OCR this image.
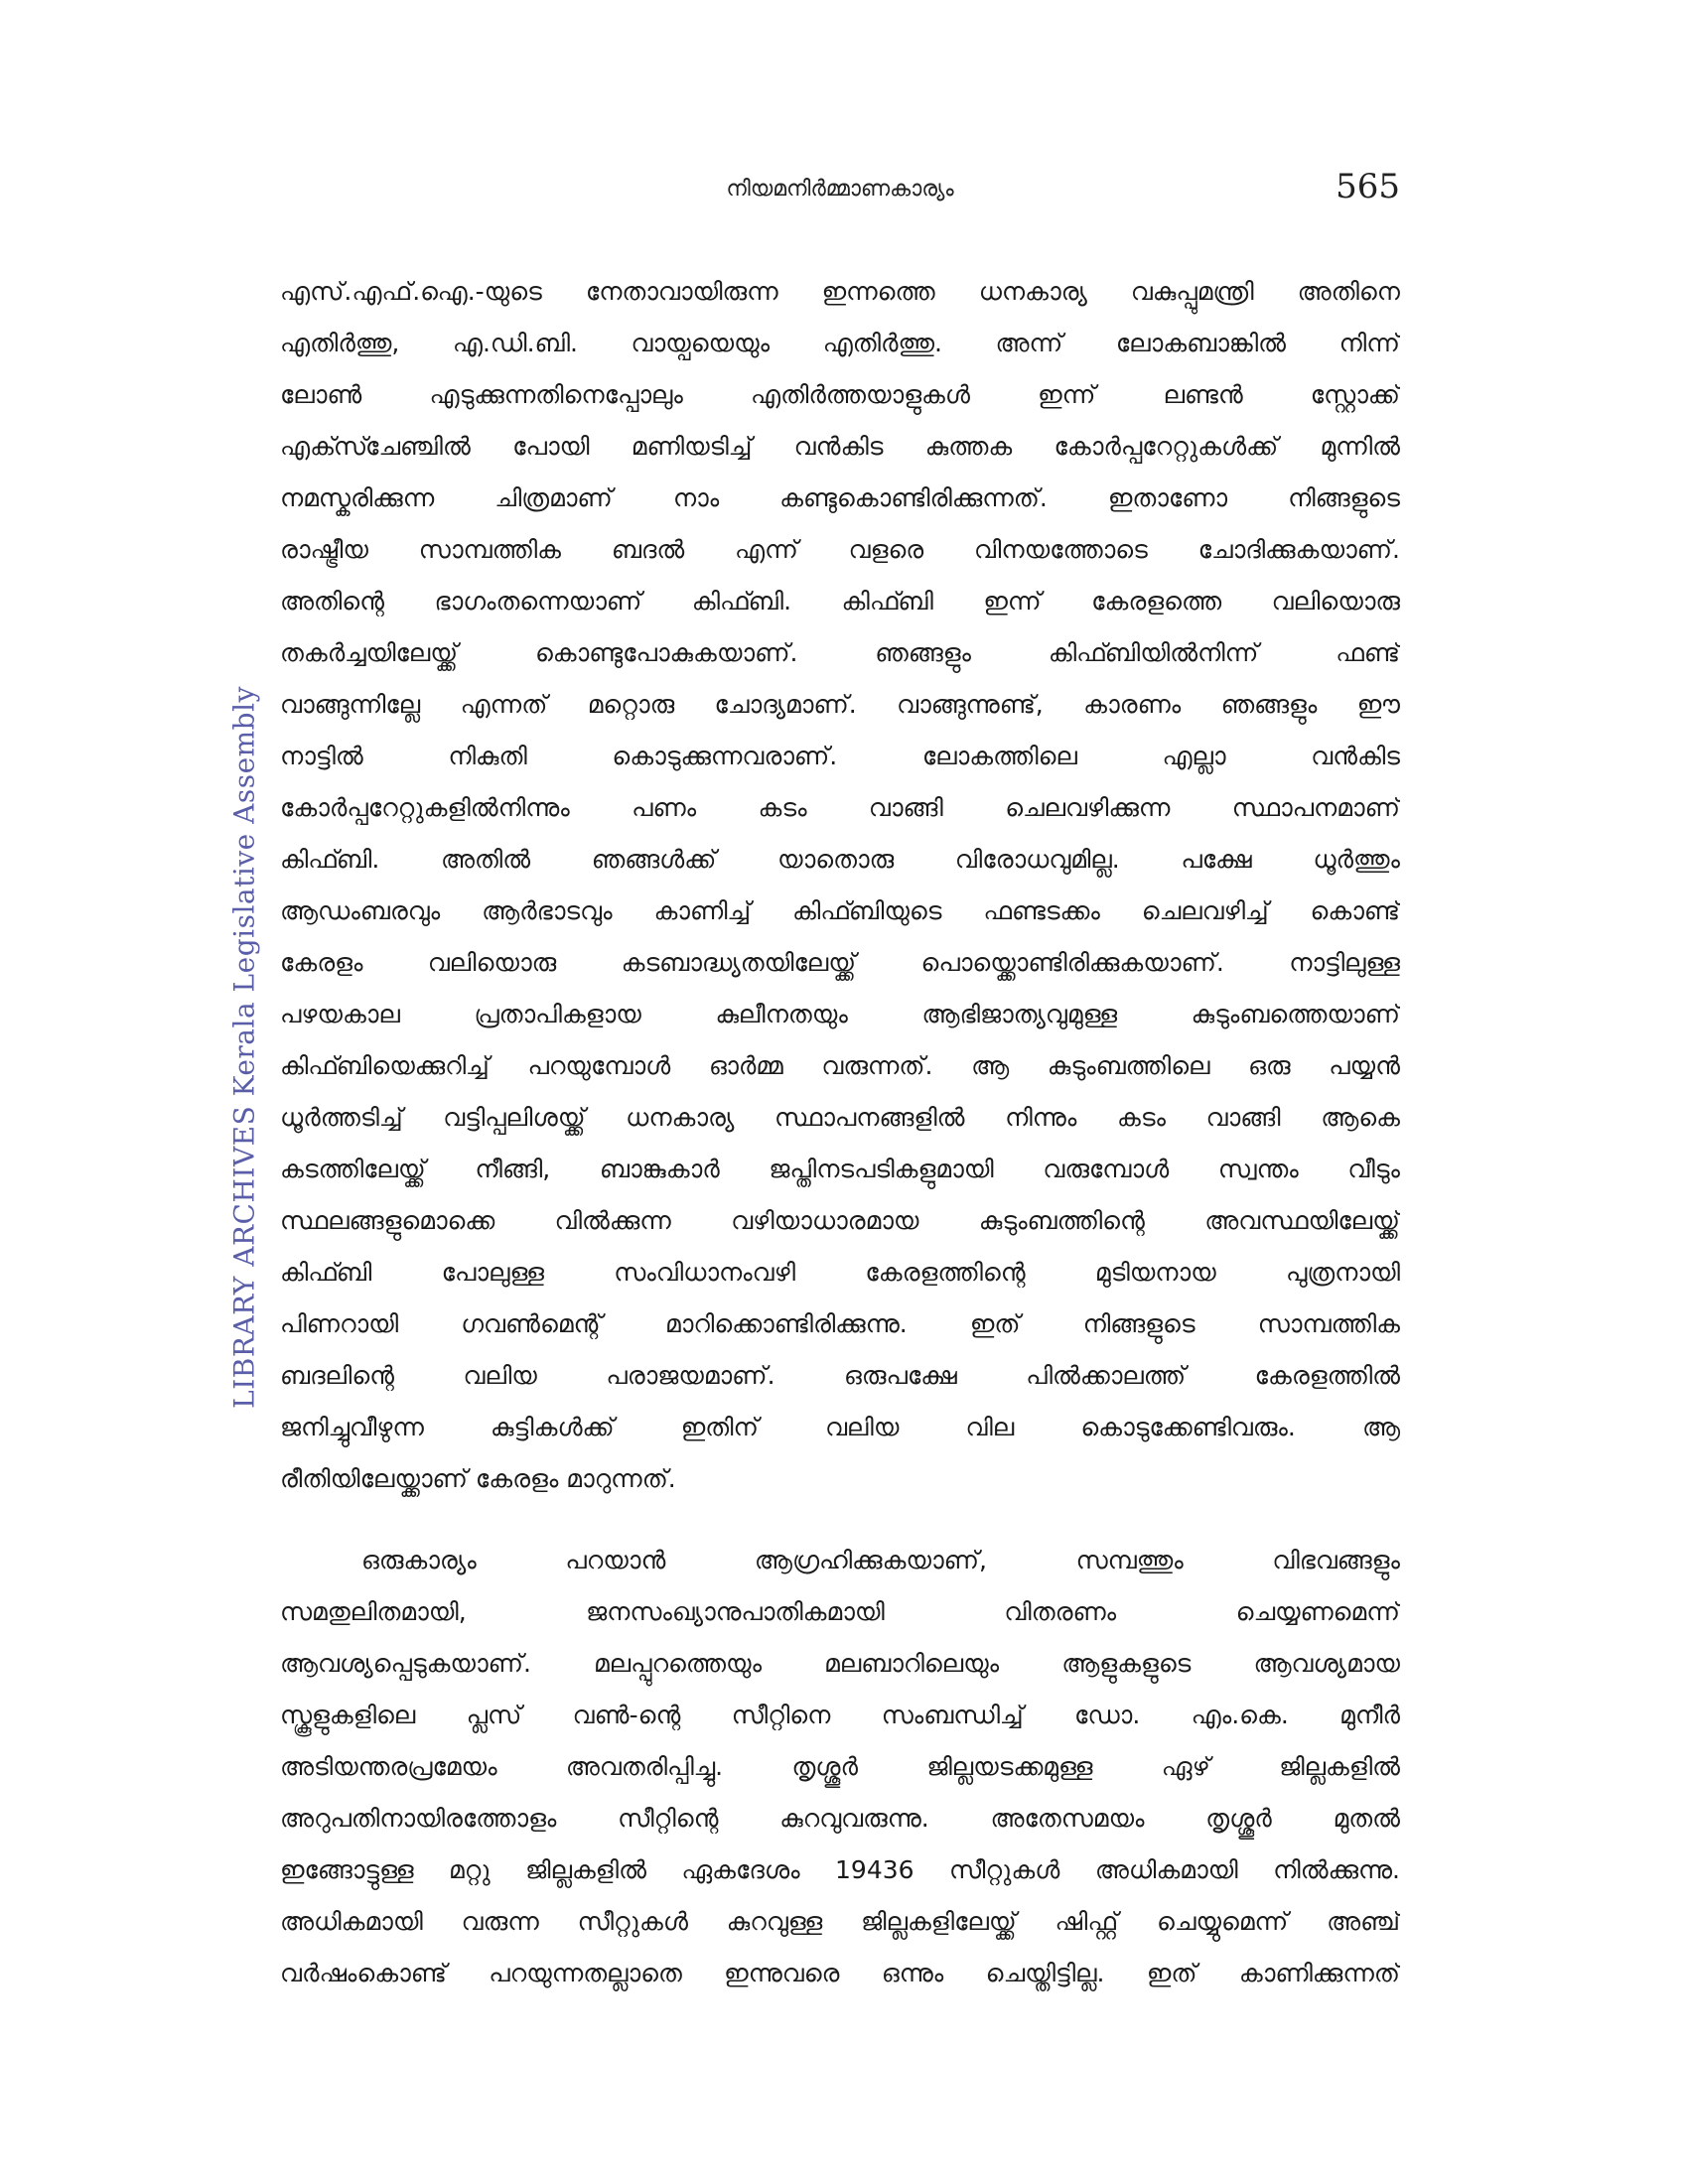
നിയമനിർമ്മാണകാര്യം	565
LIBRARY ARCHIVES Kerala Legislative Assembly

എസ്.എഫ്.ഐ.-യുടെ നേതാവായിരുന്ന ഇന്നത്തെ ധനകാര്യ വകുപ്പുമന്ത്രി അതിനെ

എതിർത്തു, എ.ഡി.ബി. വായ്പയെയും എതിർത്തു. അന്ന് ലോകബാങ്കിൽ നിന്ന്

ലോൺ എടുക്കുന്നതിനെപ്പോലും എതിർത്തയാളുകൾ ഇന്ന് ലണ്ടൻ സ്റ്റോക്ക്

എക്സ്ചേഞ്ചിൽ പോയി മണിയടിച്ച് വൻകിട കുത്തക കോർപ്പറേറ്റുകൾക്ക് മുന്നിൽ

നമസ്കരിക്കുന്ന ചിത്രമാണ് നാം കണ്ടുകൊണ്ടിരിക്കുന്നത്. ഇതാണോ നിങ്ങളുടെ

രാഷ്ട്രീയ സാമ്പത്തിക ബദൽ എന്ന് വളരെ വിനയത്തോടെ ചോദിക്കുകയാണ്.

അതിന്റെ ഭാഗംതന്നെയാണ് കിഫ്ബി. കിഫ്ബി ഇന്ന് കേരളത്തെ വലിയൊരു

തകർച്ചയിലേയ്ക്ക് കൊണ്ടുപോകുകയാണ്. ഞങ്ങളും കിഫ്ബിയിൽനിന്ന് ഫണ്ട്

വാങ്ങുന്നില്ലേ എന്നത് മറ്റൊരു ചോദ്യമാണ്. വാങ്ങുന്നുണ്ട്, കാരണം ഞങ്ങളും ഈ

നാട്ടിൽ നികുതി കൊടുക്കുന്നവരാണ്. ലോകത്തിലെ എല്ലാ വൻകിട

കോർപ്പറേറ്റുകളിൽനിന്നും പണം കടം വാങ്ങി ചെലവഴിക്കുന്ന സ്ഥാപനമാണ്

കിഫ്ബി. അതിൽ ഞങ്ങൾക്ക് യാതൊരു വിരോധവുമില്ല. പക്ഷേ ധൂർത്തും

ആഡംബരവും ആർഭാടവും കാണിച്ച് കിഫ്ബിയുടെ ഫണ്ടടക്കം ചെലവഴിച്ച് കൊണ്ട്

കേരളം വലിയൊരു കടബാദ്ധ്യതയിലേയ്ക്ക് പൊയ്ക്കൊണ്ടിരിക്കുകയാണ്. നാട്ടിലുള്ള

പഴയകാല പ്രതാപികളായ കുലീനതയും ആഭിജാത്യവുമുള്ള കുടുംബത്തെയാണ്

കിഫ്ബിയെക്കുറിച്ച് പറയുമ്പോൾ ഓർമ്മ വരുന്നത്. ആ കുടുംബത്തിലെ ഒരു പയ്യൻ

ധൂർത്തടിച്ച് വട്ടിപ്പലിശയ്ക്ക് ധനകാര്യ സ്ഥാപനങ്ങളിൽ നിന്നും കടം വാങ്ങി ആകെ

കടത്തിലേയ്ക്ക് നീങ്ങി, ബാങ്കുകാർ ജപ്തിനടപടികളുമായി വരുമ്പോൾ സ്വന്തം വീടും

സ്ഥലങ്ങളുമൊക്കെ വിൽക്കുന്ന വഴിയാധാരമായ കുടുംബത്തിന്റെ അവസ്ഥയിലേയ്ക്ക്

കിഫ്ബി പോലുള്ള സംവിധാനംവഴി കേരളത്തിന്റെ മുടിയനായ പുത്രനായി

പിണറായി ഗവൺമെന്റ് മാറിക്കൊണ്ടിരിക്കുന്നു. ഇത് നിങ്ങളുടെ സാമ്പത്തിക

ബദലിന്റെ വലിയ പരാജയമാണ്. ഒരുപക്ഷേ പിൽക്കാലത്ത് കേരളത്തിൽ

ജനിച്ചുവീഴുന്ന കുട്ടികൾക്ക് ഇതിന് വലിയ വില കൊടുക്കേണ്ടിവരും. ആ

രീതിയിലേയ്ക്കാണ് കേരളം മാറുന്നത്.

ഒരുകാര്യം പറയാൻ ആഗ്രഹിക്കുകയാണ്, സമ്പത്തും വിഭവങ്ങളും

സമതുലിതമായി, ജനസംഖ്യാനുപാതികമായി വിതരണം ചെയ്യണമെന്ന്

ആവശ്യപ്പെടുകയാണ്. മലപ്പുറത്തെയും മലബാറിലെയും ആളുകളുടെ ആവശ്യമായ

സ്കൂളുകളിലെ പ്ലസ് വൺ-ന്റെ സീറ്റിനെ സംബന്ധിച്ച് ഡോ. എം.കെ. മുനീർ

അടിയന്തരപ്രമേയം അവതരിപ്പിച്ചു. തൃശ്ശൂർ ജില്ലയടക്കമുള്ള ഏഴ് ജില്ലകളിൽ

അറുപതിനായിരത്തോളം സീറ്റിന്റെ കുറവുവരുന്നു. അതേസമയം തൃശ്ശൂർ മുതൽ

ഇങ്ങോട്ടുള്ള മറ്റു ജില്ലകളിൽ ഏകദേശം 19436 സീറ്റുകൾ അധികമായി നിൽക്കുന്നു.

അധികമായി വരുന്ന സീറ്റുകൾ കുറവുള്ള ജില്ലകളിലേയ്ക്ക് ഷിഫ്റ്റ് ചെയ്യുമെന്ന് അഞ്ച്

വർഷംകൊണ്ട് പറയുന്നതല്ലാതെ ഇന്നുവരെ ഒന്നും ചെയ്തിട്ടില്ല. ഇത് കാണിക്കുന്നത്
